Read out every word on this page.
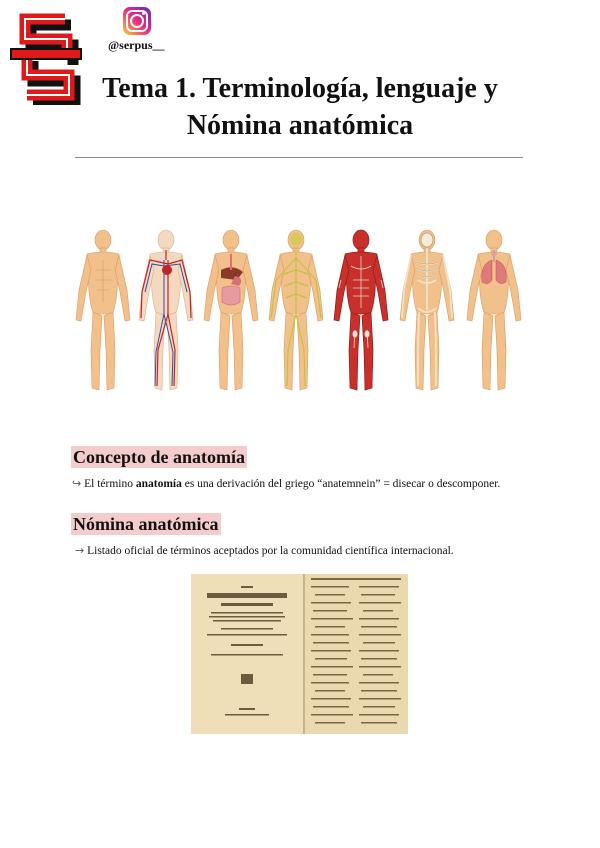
@serpus__
Tema 1. Terminología, lenguaje y
Nómina anatómica
Concepto de anatomía
↪ El término anatomía es una derivación del griego “anatemnein” = disecar o descomponer.
Nómina anatómica
→ Listado oficial de términos aceptados por la comunidad científica internacional.
